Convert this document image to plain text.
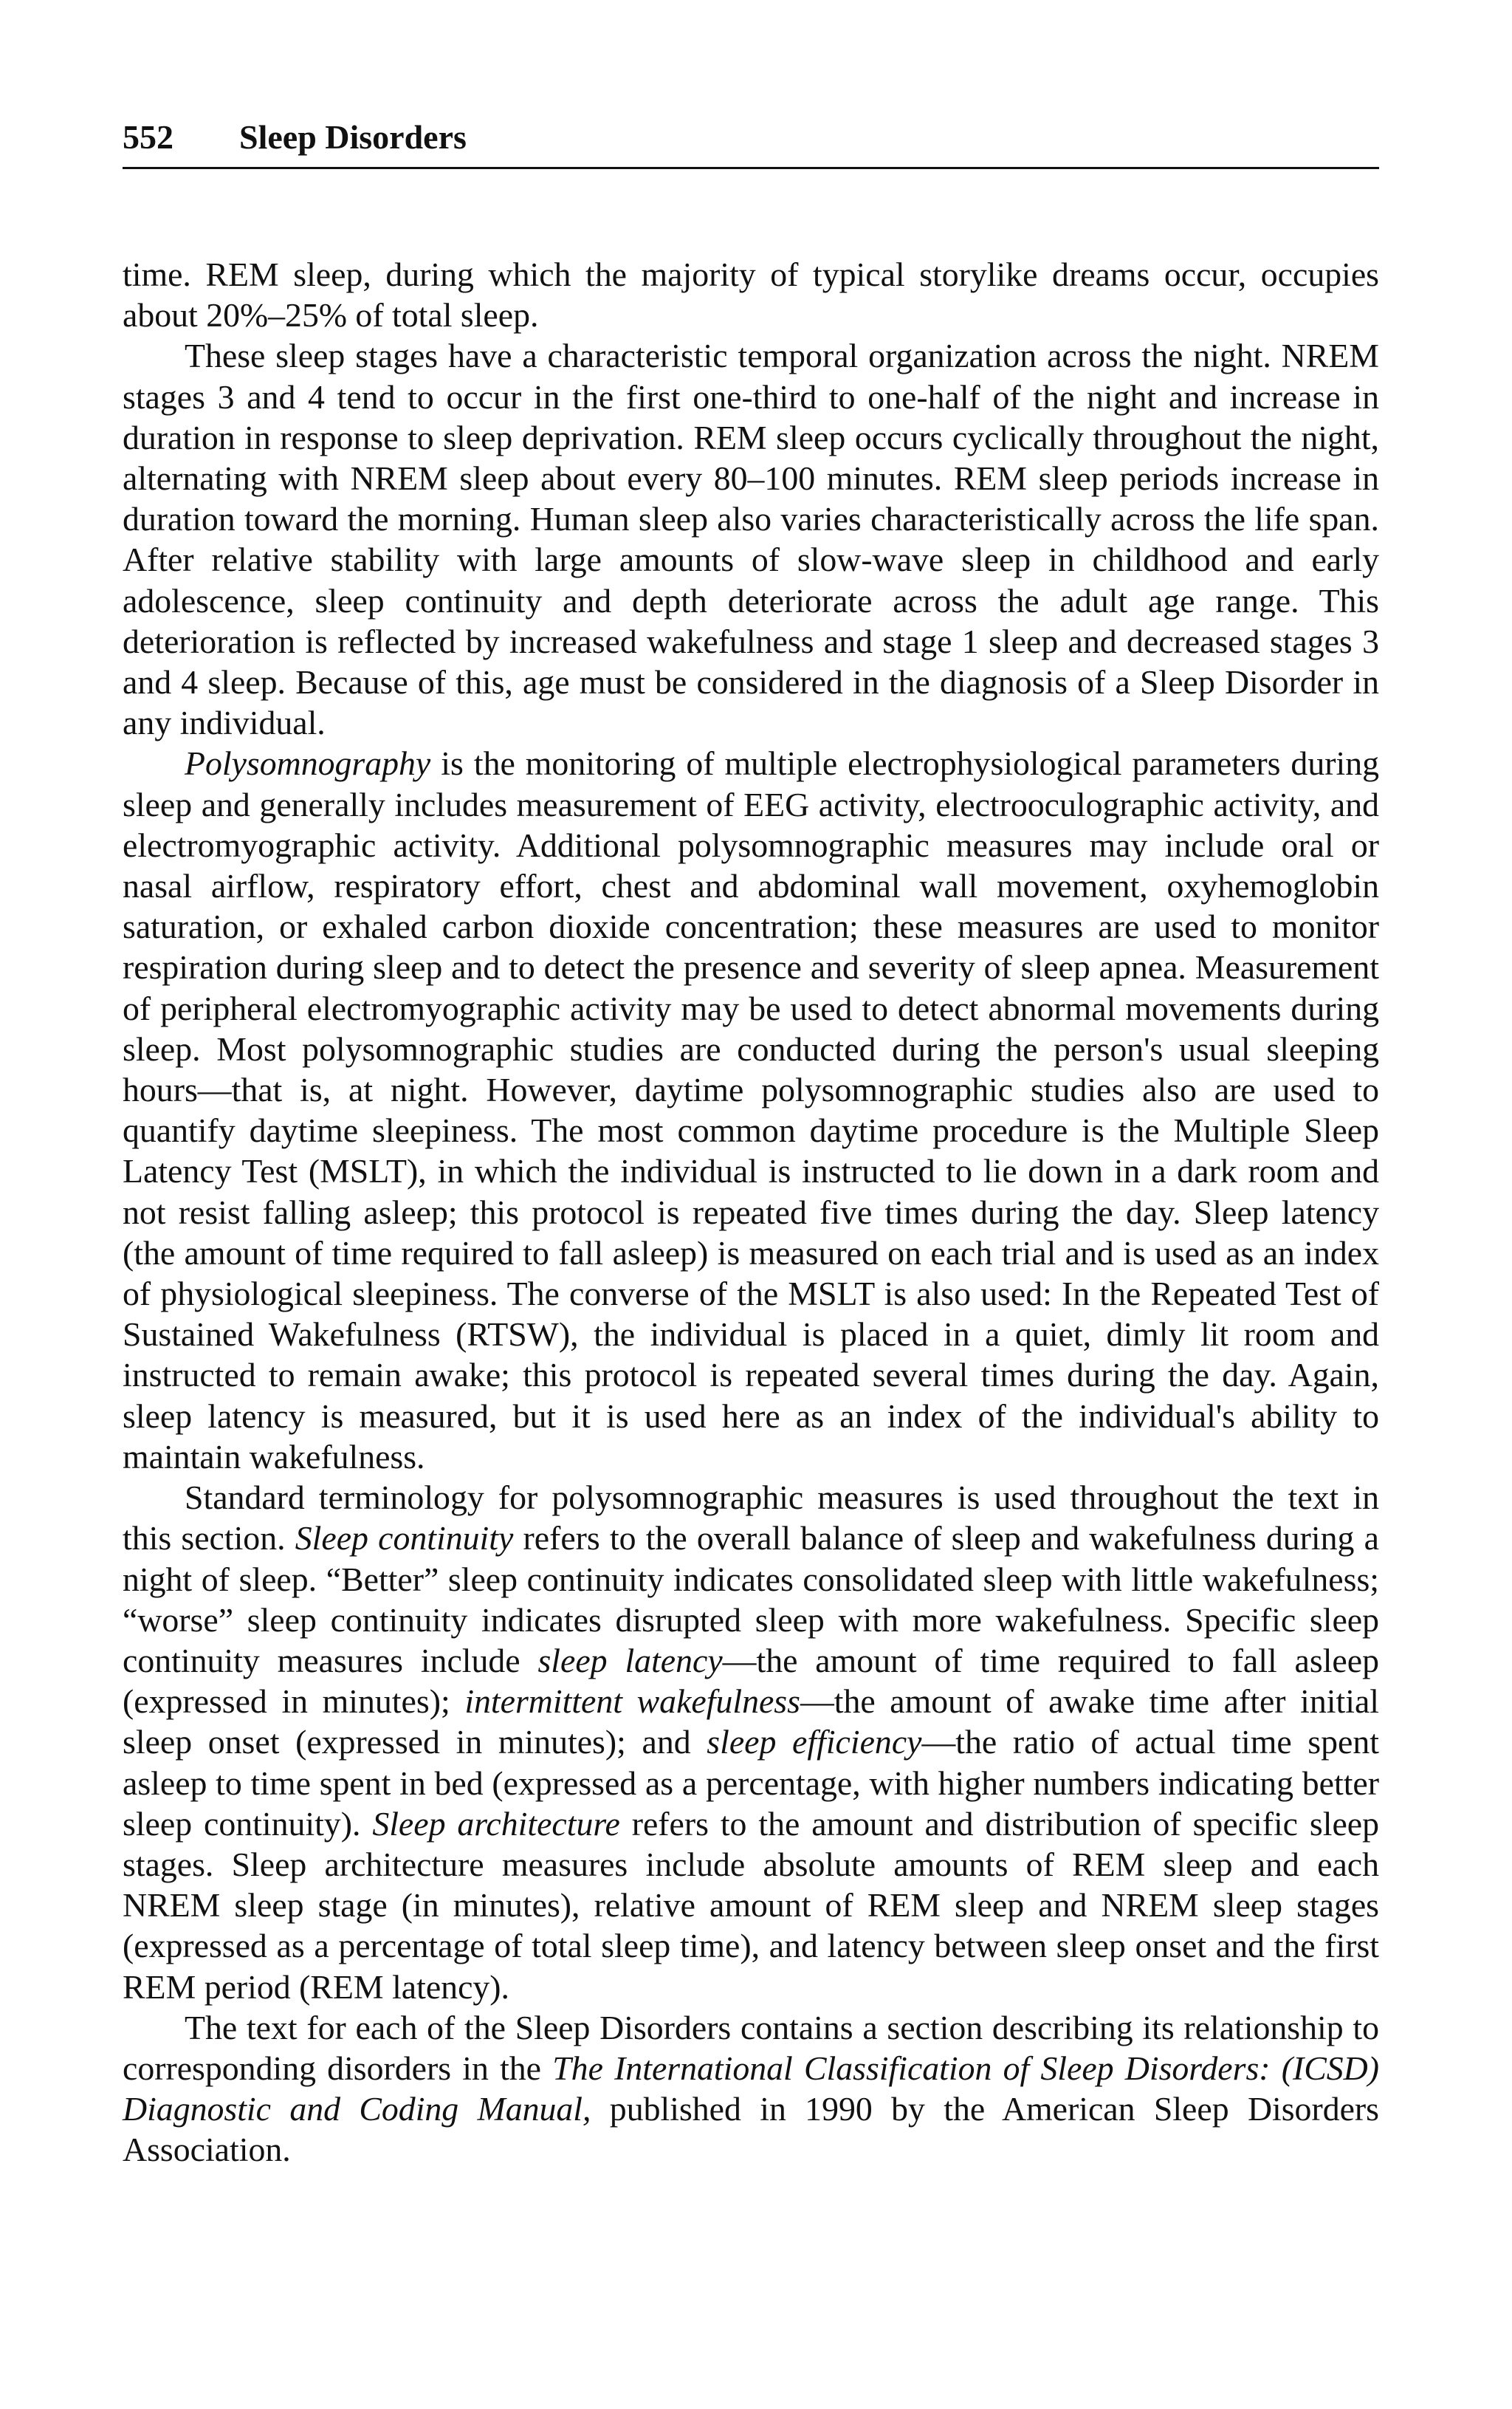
552 Sleep Disorders

time. REM sleep, during which the majority of typical storylike dreams occur, occupies about 20%–25% of total sleep.

These sleep stages have a characteristic temporal organization across the night. NREM stages 3 and 4 tend to occur in the first one-third to one-half of the night and increase in duration in response to sleep deprivation. REM sleep occurs cyclically throughout the night, alternating with NREM sleep about every 80–100 minutes. REM sleep periods increase in duration toward the morning. Human sleep also varies characteristically across the life span. After relative stability with large amounts of slow-wave sleep in childhood and early adolescence, sleep continuity and depth deteriorate across the adult age range. This deterioration is reflected by increased wakefulness and stage 1 sleep and decreased stages 3 and 4 sleep. Because of this, age must be considered in the diagnosis of a Sleep Disorder in any individual.

Polysomnography is the monitoring of multiple electrophysiological parameters during sleep and generally includes measurement of EEG activity, electrooculographic activity, and electromyographic activity. Additional polysomnographic measures may include oral or nasal airflow, respiratory effort, chest and abdominal wall movement, oxyhemoglobin saturation, or exhaled carbon dioxide concentration; these measures are used to monitor respiration during sleep and to detect the presence and severity of sleep apnea. Measurement of peripheral electromyographic activity may be used to detect abnormal movements during sleep. Most polysomnographic studies are conducted during the person's usual sleeping hours—that is, at night. However, daytime polysomnographic studies also are used to quantify daytime sleepiness. The most common daytime procedure is the Multiple Sleep Latency Test (MSLT), in which the individual is instructed to lie down in a dark room and not resist falling asleep; this protocol is repeated five times during the day. Sleep latency (the amount of time required to fall asleep) is measured on each trial and is used as an index of physiological sleepiness. The converse of the MSLT is also used: In the Repeated Test of Sustained Wakefulness (RTSW), the individual is placed in a quiet, dimly lit room and instructed to remain awake; this protocol is repeated several times during the day. Again, sleep latency is measured, but it is used here as an index of the individual's ability to maintain wakefulness.

Standard terminology for polysomnographic measures is used throughout the text in this section. Sleep continuity refers to the overall balance of sleep and wakefulness during a night of sleep. “Better” sleep continuity indicates consolidated sleep with little wakefulness; “worse” sleep continuity indicates disrupted sleep with more wakefulness. Specific sleep continuity measures include sleep latency—the amount of time required to fall asleep (expressed in minutes); intermittent wakefulness—the amount of awake time after initial sleep onset (expressed in minutes); and sleep efficiency—the ratio of actual time spent asleep to time spent in bed (expressed as a percentage, with higher numbers indicating better sleep continuity). Sleep architecture refers to the amount and distribution of specific sleep stages. Sleep architecture measures include absolute amounts of REM sleep and each NREM sleep stage (in minutes), relative amount of REM sleep and NREM sleep stages (expressed as a percentage of total sleep time), and latency between sleep onset and the first REM period (REM latency).

The text for each of the Sleep Disorders contains a section describing its relationship to corresponding disorders in the The International Classification of Sleep Disorders: (ICSD) Diagnostic and Coding Manual, published in 1990 by the American Sleep Disorders Association.
